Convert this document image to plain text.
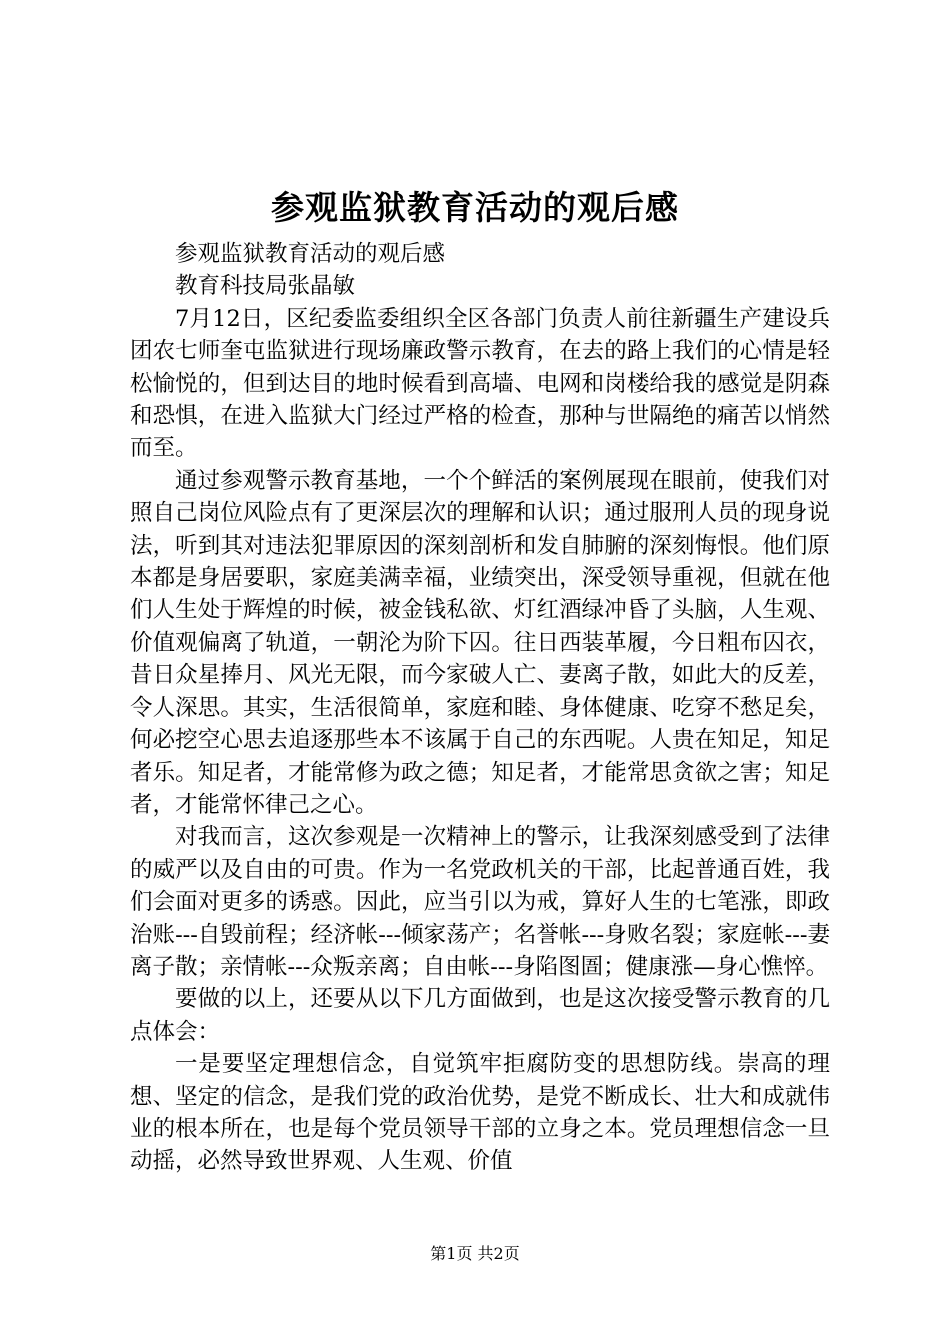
参观监狱教育活动的观后感

参观监狱教育活动的观后感

教育科技局张晶敏

7月12日，区纪委监委组织全区各部门负责人前往新疆生产建设兵团农七师奎屯监狱进行现场廉政警示教育，在去的路上我们的心情是轻松愉悦的，但到达目的地时候看到高墙、电网和岗楼给我的感觉是阴森和恐惧，在进入监狱大门经过严格的检查，那种与世隔绝的痛苦以悄然而至。

通过参观警示教育基地，一个个鲜活的案例展现在眼前，使我们对照自己岗位风险点有了更深层次的理解和认识；通过服刑人员的现身说法，听到其对违法犯罪原因的深刻剖析和发自肺腑的深刻悔恨。他们原本都是身居要职，家庭美满幸福，业绩突出，深受领导重视，但就在他们人生处于辉煌的时候，被金钱私欲、灯红酒绿冲昏了头脑，人生观、价值观偏离了轨道，一朝沦为阶下囚。往日西装革履，今日粗布囚衣，昔日众星捧月、风光无限，而今家破人亡、妻离子散，如此大的反差，令人深思。其实，生活很简单，家庭和睦、身体健康、吃穿不愁足矣，何必挖空心思去追逐那些本不该属于自己的东西呢。人贵在知足，知足者乐。知足者，才能常修为政之德；知足者，才能常思贪欲之害；知足者，才能常怀律己之心。

对我而言，这次参观是一次精神上的警示，让我深刻感受到了法律的威严以及自由的可贵。作为一名党政机关的干部，比起普通百姓，我们会面对更多的诱惑。因此，应当引以为戒，算好人生的七笔涨，即政治账---自毁前程；经济帐---倾家荡产；名誉帐---身败名裂；家庭帐---妻离子散；亲情帐---众叛亲离；自由帐---身陷图圄；健康涨—身心憔悴。

要做的以上，还要从以下几方面做到，也是这次接受警示教育的几点体会：

一是要坚定理想信念，自觉筑牢拒腐防变的思想防线。崇高的理想、坚定的信念，是我们党的政治优势，是党不断成长、壮大和成就伟业的根本所在，也是每个党员领导干部的立身之本。党员理想信念一旦动摇，必然导致世界观、人生观、价值

第1页 共2页
